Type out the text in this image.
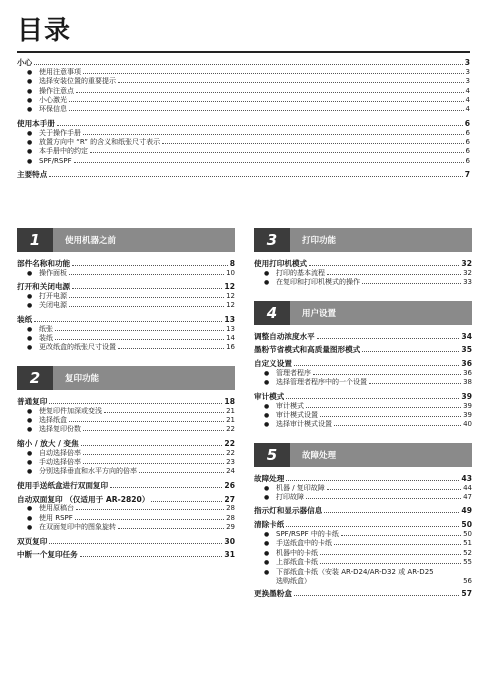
目录
小心	3
● 使用注意事项	3
● 选择安装位置的重要提示	3
● 操作注意点	4
● 小心激光	4
● 环保信息	4
使用本手册	6
● 关于操作手册	6
● 放置方向中 “R” 的含义和纸张尺寸表示	6
● 本手册中的约定	6
● SPF/RSPF	6
主要特点	7
1	使用机器之前
部件名称和功能	8
● 操作面板	10
打开和关闭电源	12
● 打开电源	12
● 关闭电源	12
装纸	13
● 纸张	13
● 装纸	14
● 更改纸盒的纸张尺寸设置	16
2	复印功能
普通复印	18
● 使复印件加深或变浅	21
● 选择纸盒	21
● 选择复印份数	22
缩小 / 放大 / 变焦	22
● 自动选择倍率	22
● 手动选择倍率	23
● 分别选择垂直和水平方向的倍率	24
使用手送纸盒进行双面复印	26
自动双面复印 （仅适用于 AR-2820）	27
● 使用原稿台	28
● 使用 RSPF	28
● 在双面复印中的图象旋转	29
双页复印	30
中断一个复印任务	31
3	打印功能
使用打印机模式	32
● 打印的基本流程	32
● 在复印和打印机模式的操作	33
4	用户设置
调整自动浓度水平	34
墨粉节省模式和高质量图形模式	35
自定义设置	36
● 管理者程序	36
● 选择管理者程序中的一个设置	38
审计模式	39
● 审计模式	39
● 审计模式设置	39
● 选择审计模式设置	40
5	故障处理
故障处理	43
● 机器 / 复印故障	44
● 打印故障	47
指示灯和显示器信息	49
清除卡纸	50
● SPF/RSPF 中的卡纸	50
● 手送纸盒中的卡纸	51
● 机器中的卡纸	52
● 上部纸盒卡纸	55
● 下部纸盒卡纸（安装 AR-D24/AR-D32 或 AR-D25
选购纸盒）	56
更换墨粉盒	57
